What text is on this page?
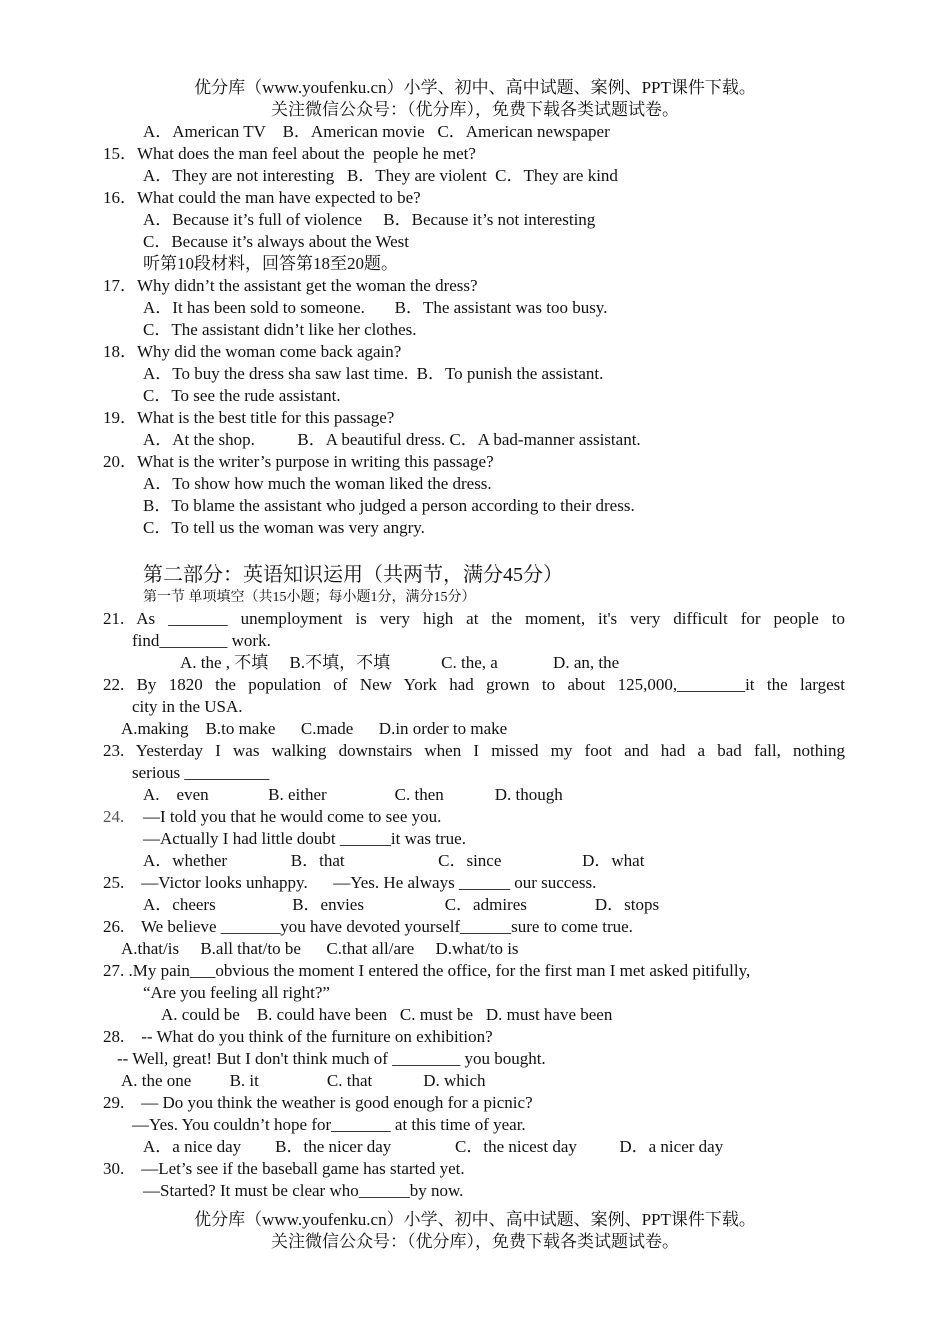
优分库（www.youfenku.cn）小学、初中、高中试题、案例、PPT课件下载。
关注微信公众号：（优分库），免费下载各类试题试卷。
A．American TV    B．American movie   C．American newspaper
15．What does the man feel about the  people he met?
A．They are not interesting   B．They are violent  C．They are kind
16．What could the man have expected to be?
A．Because it’s full of violence     B．Because it’s not interesting
C．Because it’s always about the West
听第10段材料，回答第18至20题。
17．Why didn’t the assistant get the woman the dress?
A．It has been sold to someone.       B．The assistant was too busy.
C．The assistant didn’t like her clothes.
18．Why did the woman come back again?
A．To buy the dress sha saw last time.  B．To punish the assistant.
C．To see the rude assistant.
19．What is the best title for this passage?
A．At the shop.          B．A beautiful dress. C．A bad-manner assistant.
20．What is the writer’s purpose in writing this passage?
A．To show how much the woman liked the dress.
B．To blame the assistant who judged a person according to their dress.
C．To tell us the woman was very angry.
第二部分：英语知识运用（共两节，满分45分）
第一节 单项填空（共15小题；每小题1分，满分15分）
21. As _______ unemployment is very high at the moment, it's very difficult for people to
find________ work.
A. the , 不填     B.不填，不填            C. the, a             D. an, the
22. By 1820 the population of New York had grown to about 125,000,________it the largest
city in the USA.
A.making    B.to make      C.made      D.in order to make
23. Yesterday I was walking downstairs when I missed my foot and had a bad fall, nothing
serious __________
A.    even              B. either                C. then            D. though
24. —I told you that he would come to see you.
—Actually I had little doubt ______it was true.
A．whether               B．that                      C．since                   D．what
25.    —Victor looks unhappy.      —Yes. He always ______ our success.
A．cheers                  B．envies                   C．admires                D．stops
26.    We believe _______you have devoted yourself______sure to come true.
A.that/is     B.all that/to be      C.that all/are     D.what/to is
27. .My pain___obvious the moment I entered the office, for the first man I met asked pitifully,
“Are you feeling all right?”
A. could be    B. could have been   C. must be   D. must have been
28.    -- What do you think of the furniture on exhibition?
-- Well, great! But I don't think much of ________ you bought.
A. the one         B. it                C. that            D. which
29.    — Do you think the weather is good enough for a picnic?
—Yes. You couldn’t hope for_______ at this time of year.
A．a nice day        B．the nicer day               C．the nicest day          D．a nicer day
30.    —Let’s see if the baseball game has started yet.
—Started? It must be clear who______by now.
优分库（www.youfenku.cn）小学、初中、高中试题、案例、PPT课件下载。
关注微信公众号：（优分库），免费下载各类试题试卷。
